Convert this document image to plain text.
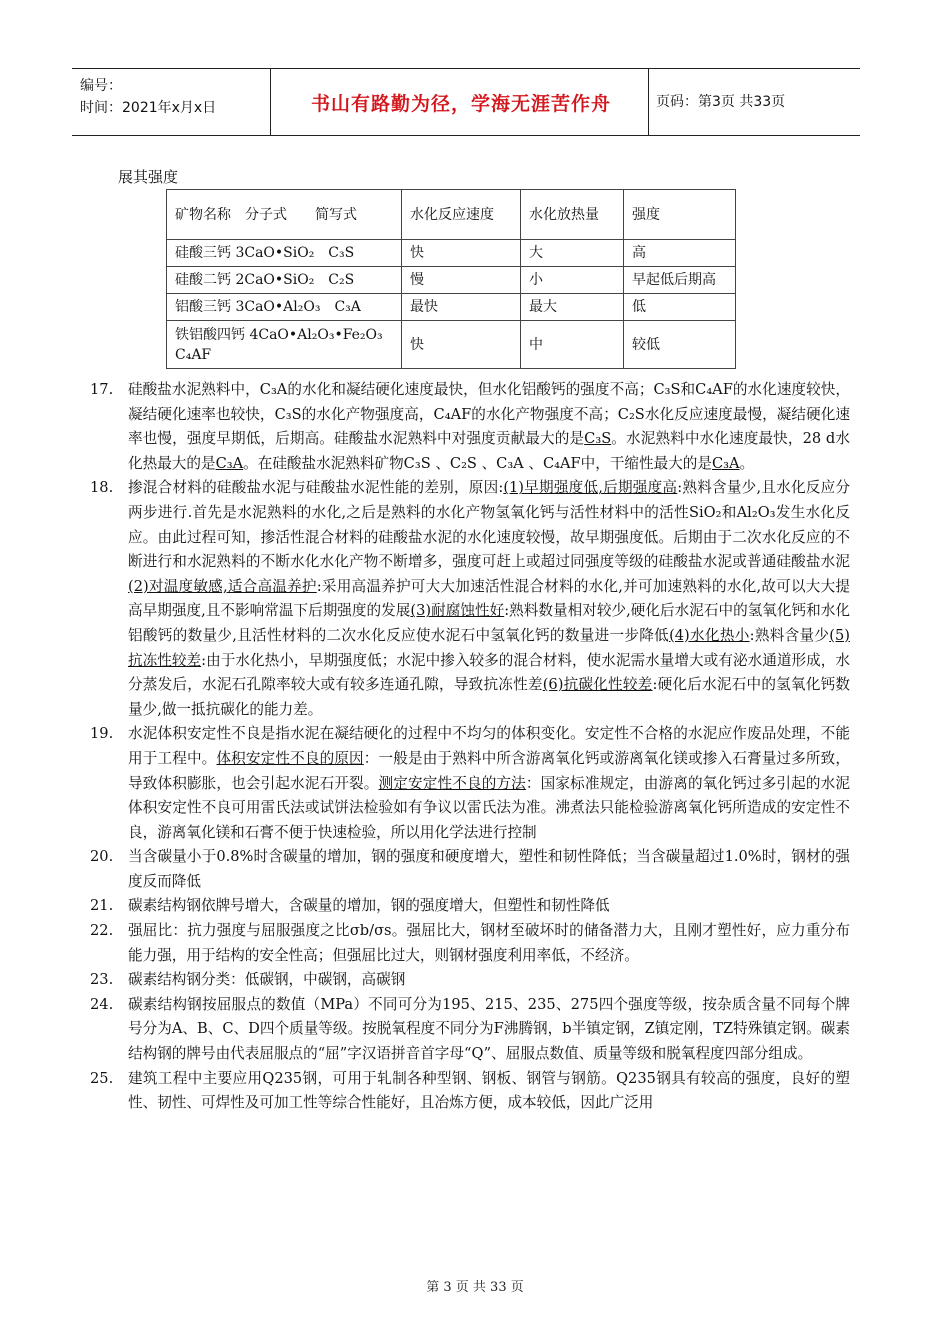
编号：
时间：2021年x月x日	书山有路勤为径，学海无涯苦作舟	页码：第3页 共33页
展其强度
矿物名称　分子式　　简写式	水化反应速度	水化放热量	强度
硅酸三钙 3CaO•SiO₂　C₃S	快	大	高
硅酸二钙 2CaO•SiO₂　C₂S	慢	小	早起低后期高
铝酸三钙 3CaO•Al₂O₃　C₃A	最快	最大	低
铁铝酸四钙 4CaO•Al₂O₃•Fe₂O₃　C₄AF	快	中	较低
17. 硅酸盐水泥熟料中，C₃A的水化和凝结硬化速度最快，但水化铝酸钙的强度不高；C₃S和C₄AF的水化速度较快，凝结硬化速率也较快，C₃S的水化产物强度高，C₄AF的水化产物强度不高；C₂S水化反应速度最慢，凝结硬化速率也慢，强度早期低，后期高。硅酸盐水泥熟料中对强度贡献最大的是C₃S。水泥熟料中水化速度最快，28 d水化热最大的是C₃A。在硅酸盐水泥熟料矿物C₃S 、C₂S 、C₃A 、C₄AF中，干缩性最大的是C₃A。
18. 掺混合材料的硅酸盐水泥与硅酸盐水泥性能的差别，原因:(1)早期强度低,后期强度高:熟料含量少,且水化反应分两步进行.首先是水泥熟料的水化,之后是熟料的水化产物氢氧化钙与活性材料中的活性SiO₂和Al₂O₃发生水化反应。由此过程可知，掺活性混合材料的硅酸盐水泥的水化速度较慢，故早期强度低。后期由于二次水化反应的不断进行和水泥熟料的不断水化水化产物不断增多，强度可赶上或超过同强度等级的硅酸盐水泥或普通硅酸盐水泥(2)对温度敏感,适合高温养护:采用高温养护可大大加速活性混合材料的水化,并可加速熟料的水化,故可以大大提高早期强度,且不影响常温下后期强度的发展(3)耐腐蚀性好:熟料数量相对较少,硬化后水泥石中的氢氧化钙和水化铝酸钙的数量少,且活性材料的二次水化反应使水泥石中氢氧化钙的数量进一步降低(4)水化热小:熟料含量少(5)抗冻性较差:由于水化热小，早期强度低；水泥中掺入较多的混合材料，使水泥需水量增大或有泌水通道形成，水分蒸发后，水泥石孔隙率较大或有较多连通孔隙，导致抗冻性差(6)抗碳化性较差:硬化后水泥石中的氢氧化钙数量少,做一抵抗碳化的能力差。
19. 水泥体积安定性不良是指水泥在凝结硬化的过程中不均匀的体积变化。安定性不合格的水泥应作废品处理，不能用于工程中。体积安定性不良的原因：一般是由于熟料中所含游离氧化钙或游离氧化镁或掺入石膏量过多所致，导致体积膨胀，也会引起水泥石开裂。测定安定性不良的方法：国家标准规定，由游离的氧化钙过多引起的水泥体积安定性不良可用雷氏法或试饼法检验如有争议以雷氏法为准。沸煮法只能检验游离氧化钙所造成的安定性不良，游离氧化镁和石膏不便于快速检验，所以用化学法进行控制
20. 当含碳量小于0.8%时含碳量的增加，钢的强度和硬度增大，塑性和韧性降低；当含碳量超过1.0%时，钢材的强度反而降低
21. 碳素结构钢依牌号增大，含碳量的增加，钢的强度增大，但塑性和韧性降低
22. 强屈比：抗力强度与屈服强度之比σb/σs。强屈比大，钢材至破坏时的储备潜力大，且刚才塑性好，应力重分布能力强，用于结构的安全性高；但强屈比过大，则钢材强度利用率低，不经济。
23. 碳素结构钢分类：低碳钢，中碳钢，高碳钢
24. 碳素结构钢按屈服点的数值（MPa）不同可分为195、215、235、275四个强度等级，按杂质含量不同每个牌号分为A、B、C、D四个质量等级。按脱氧程度不同分为F沸腾钢，b半镇定钢，Z镇定刚，TZ特殊镇定钢。碳素结构钢的牌号由代表屈服点的“屈”字汉语拼音首字母“Q”、屈服点数值、质量等级和脱氧程度四部分组成。
25. 建筑工程中主要应用Q235钢，可用于轧制各种型钢、钢板、钢管与钢筋。Q235钢具有较高的强度，良好的塑性、韧性、可焊性及可加工性等综合性能好，且冶炼方便，成本较低，因此广泛用
第 3 页 共 33 页
